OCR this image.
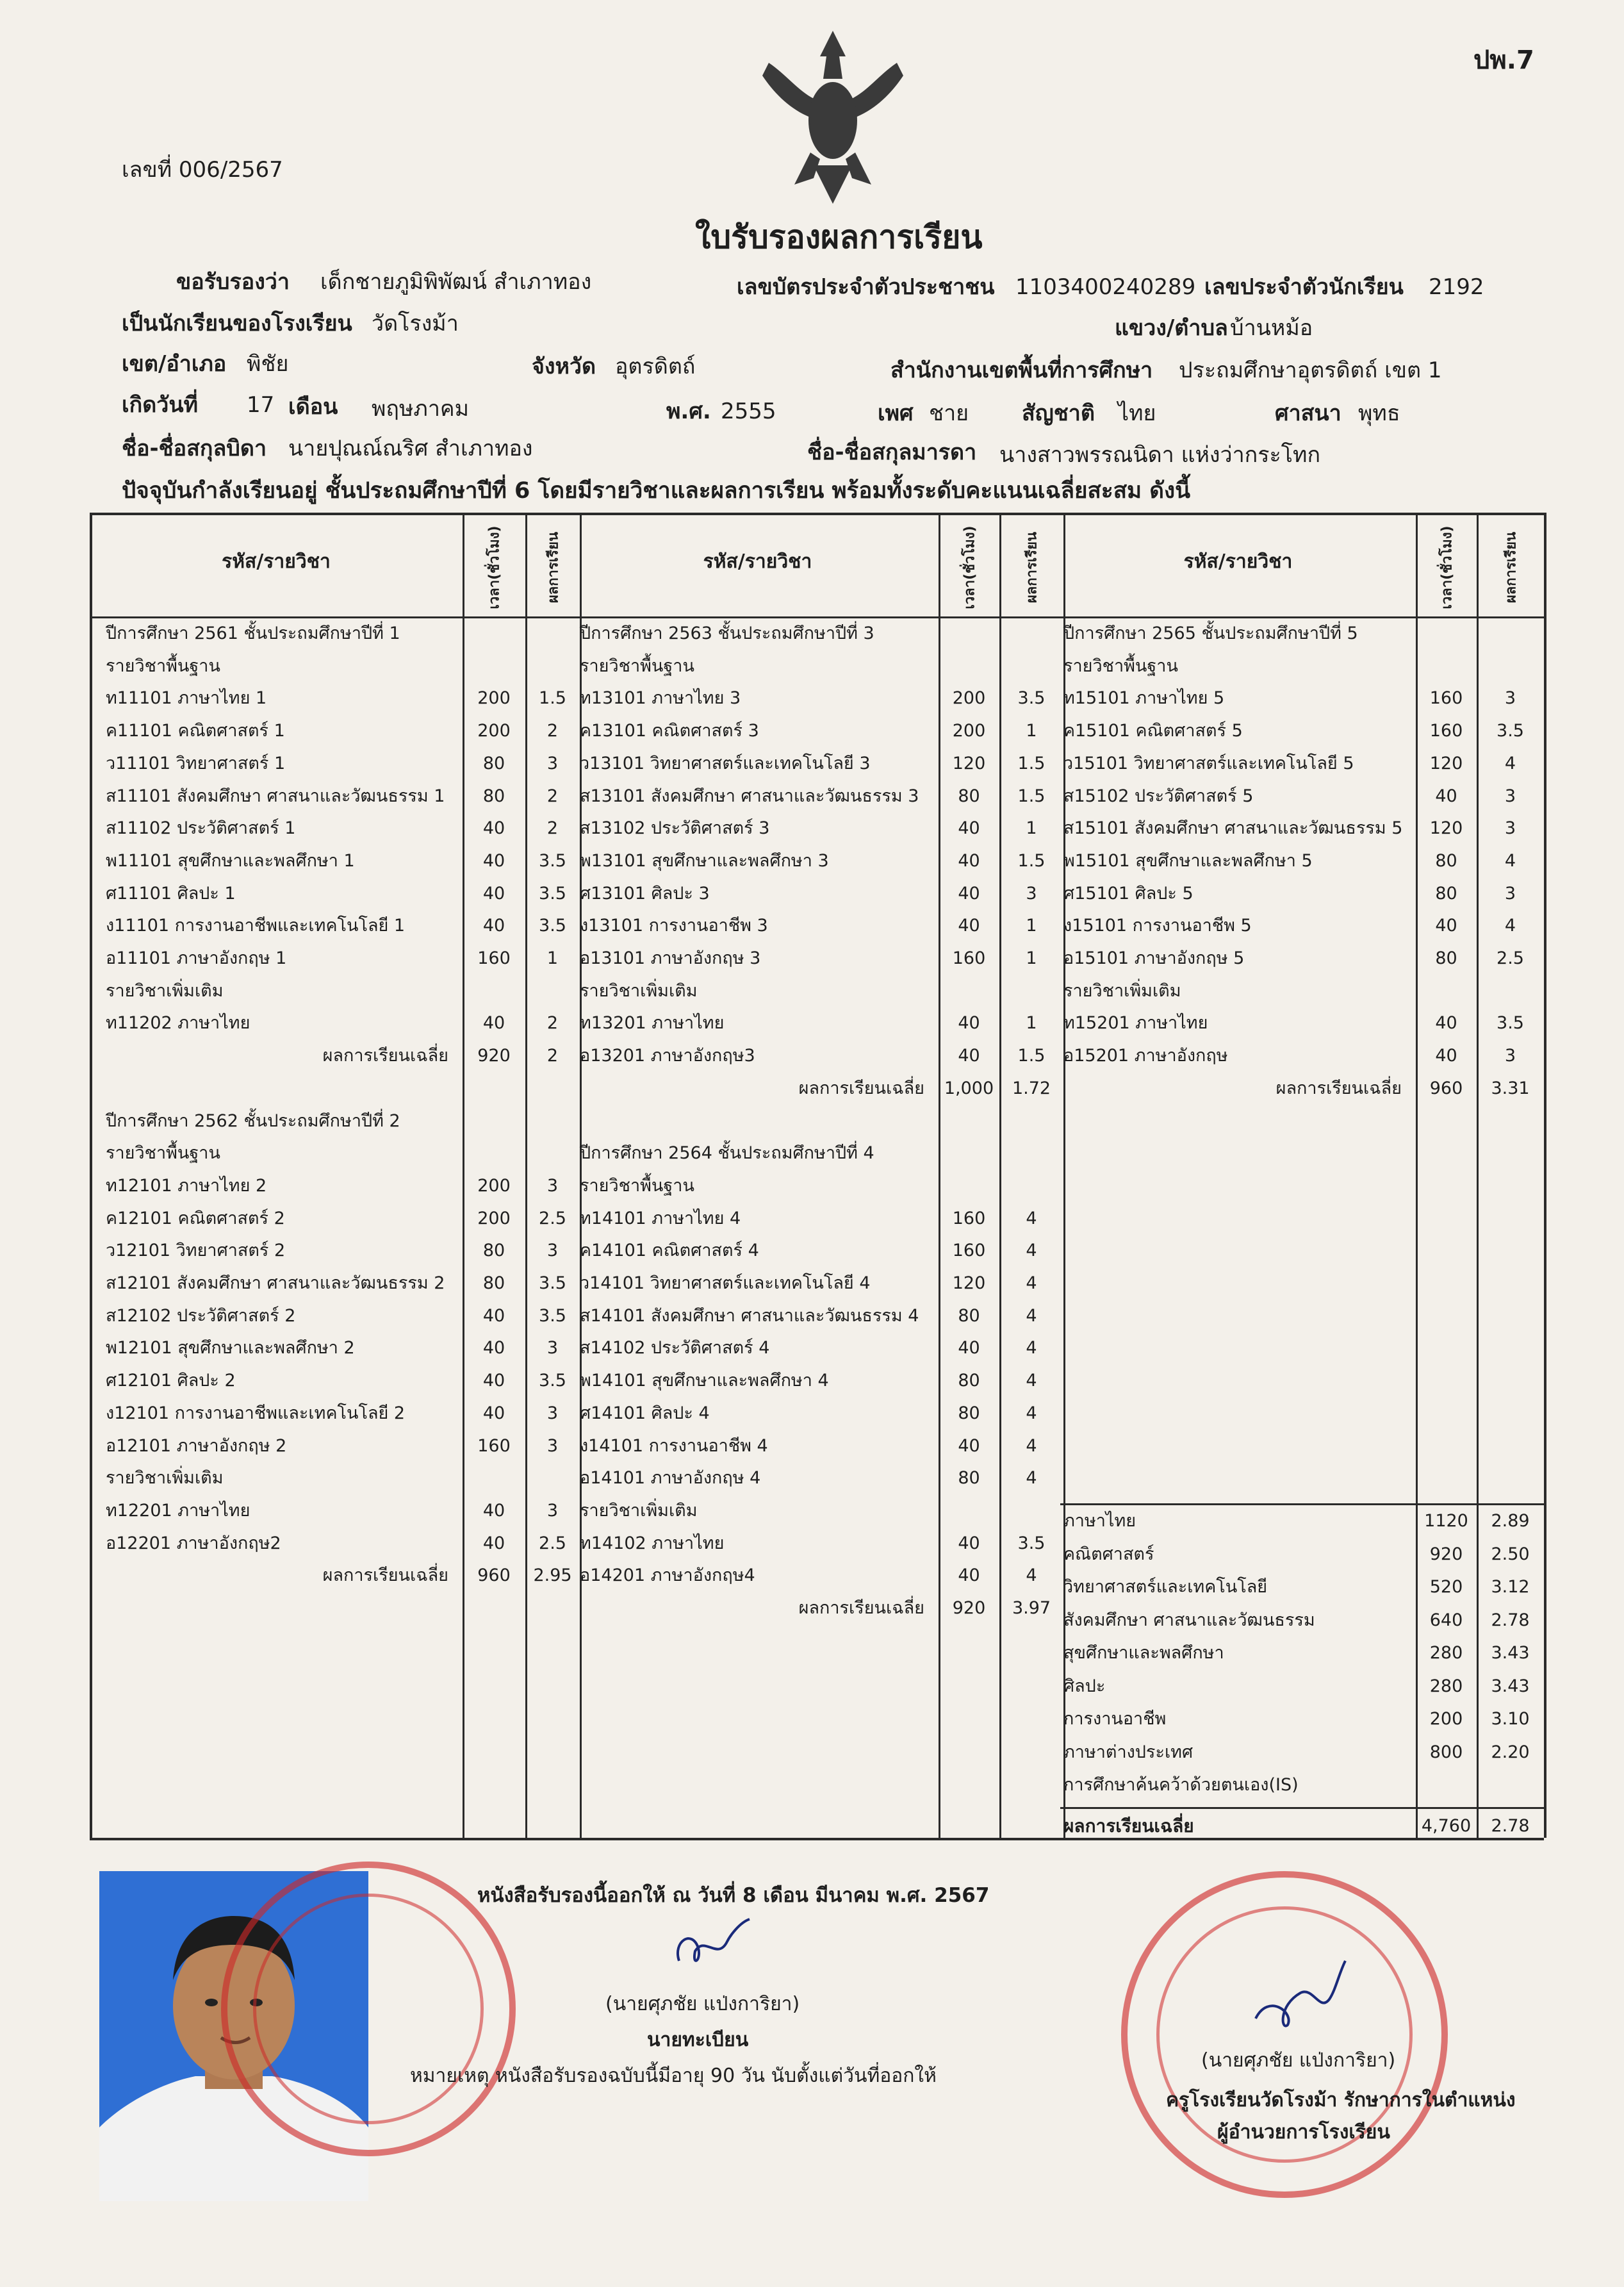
ปพ.7
เลขที่ 006/2567
ใบรับรองผลการเรียน
ขอรับรองว่า เด็กชายภูมิพิพัฒน์ สำเภาทอง	เลขบัตรประจำตัวประชาชน 1103400240289 เลขประจำตัวนักเรียน 2192
เป็นนักเรียนของโรงเรียน วัดโรงม้า	แขวง/ตำบล บ้านหม้อ
เขต/อำเภอ พิชัย	จังหวัด อุตรดิตถ์	สำนักงานเขตพื้นที่การศึกษา ประถมศึกษาอุตรดิตถ์ เขต 1
เกิดวันที่ 17 เดือน พฤษภาคม	พ.ศ. 2555	เพศ ชาย สัญชาติ ไทย	ศาสนา พุทธ
ชื่อ-ชื่อสกุลบิดา นายปุณณ์ณริศ สำเภาทอง	ชื่อ-ชื่อสกุลมารดา นางสาวพรรณนิดา แห่งว่ากระโทก
ปัจจุบันกำลังเรียนอยู่ ชั้นประถมศึกษาปีที่ 6 โดยมีรายวิชาและผลการเรียน พร้อมทั้งระดับคะแนนเฉลี่ยสะสม ดังนี้
รหัส/รายวิชา	เวลา(ชั่วโมง)	ผลการเรียน	รหัส/รายวิชา	เวลา(ชั่วโมง)	ผลการเรียน	รหัส/รายวิชา	เวลา(ชั่วโมง)	ผลการเรียน
ปีการศึกษา 2561 ชั้นประถมศึกษาปีที่ 1
รายวิชาพื้นฐาน
ท11101 ภาษาไทย 1	200	1.5
ค11101 คณิตศาสตร์ 1	200	2
ว11101 วิทยาศาสตร์ 1	80	3
ส11101 สังคมศึกษา ศาสนาและวัฒนธรรม 1	80	2
ส11102 ประวัติศาสตร์ 1	40	2
พ11101 สุขศึกษาและพลศึกษา 1	40	3.5
ศ11101 ศิลปะ 1	40	3.5
ง11101 การงานอาชีพและเทคโนโลยี 1	40	3.5
อ11101 ภาษาอังกฤษ 1	160	1
รายวิชาเพิ่มเติม
ท11202 ภาษาไทย	40	2
ผลการเรียนเฉลี่ย	920	2
ปีการศึกษา 2562 ชั้นประถมศึกษาปีที่ 2
รายวิชาพื้นฐาน
ท12101 ภาษาไทย 2	200	3
ค12101 คณิตศาสตร์ 2	200	2.5
ว12101 วิทยาศาสตร์ 2	80	3
ส12101 สังคมศึกษา ศาสนาและวัฒนธรรม 2	80	3.5
ส12102 ประวัติศาสตร์ 2	40	3.5
พ12101 สุขศึกษาและพลศึกษา 2	40	3
ศ12101 ศิลปะ 2	40	3.5
ง12101 การงานอาชีพและเทคโนโลยี 2	40	3
อ12101 ภาษาอังกฤษ 2	160	3
รายวิชาเพิ่มเติม
ท12201 ภาษาไทย	40	3
อ12201 ภาษาอังกฤษ2	40	2.5
ผลการเรียนเฉลี่ย	960	2.95
ปีการศึกษา 2563 ชั้นประถมศึกษาปีที่ 3
รายวิชาพื้นฐาน
ท13101 ภาษาไทย 3	200	3.5
ค13101 คณิตศาสตร์ 3	200	1
ว13101 วิทยาศาสตร์และเทคโนโลยี 3	120	1.5
ส13101 สังคมศึกษา ศาสนาและวัฒนธรรม 3	80	1.5
ส13102 ประวัติศาสตร์ 3	40	1
พ13101 สุขศึกษาและพลศึกษา 3	40	1.5
ศ13101 ศิลปะ 3	40	3
ง13101 การงานอาชีพ 3	40	1
อ13101 ภาษาอังกฤษ 3	160	1
รายวิชาเพิ่มเติม
ท13201 ภาษาไทย	40	1
อ13201 ภาษาอังกฤษ3	40	1.5
ผลการเรียนเฉลี่ย	1,000	1.72
ปีการศึกษา 2564 ชั้นประถมศึกษาปีที่ 4
รายวิชาพื้นฐาน
ท14101 ภาษาไทย 4	160	4
ค14101 คณิตศาสตร์ 4	160	4
ว14101 วิทยาศาสตร์และเทคโนโลยี 4	120	4
ส14101 สังคมศึกษา ศาสนาและวัฒนธรรม 4	80	4
ส14102 ประวัติศาสตร์ 4	40	4
พ14101 สุขศึกษาและพลศึกษา 4	80	4
ศ14101 ศิลปะ 4	80	4
ง14101 การงานอาชีพ 4	40	4
อ14101 ภาษาอังกฤษ 4	80	4
รายวิชาเพิ่มเติม
ท14102 ภาษาไทย	40	3.5
อ14201 ภาษาอังกฤษ4	40	4
ผลการเรียนเฉลี่ย	920	3.97
ปีการศึกษา 2565 ชั้นประถมศึกษาปีที่ 5
รายวิชาพื้นฐาน
ท15101 ภาษาไทย 5	160	3
ค15101 คณิตศาสตร์ 5	160	3.5
ว15101 วิทยาศาสตร์และเทคโนโลยี 5	120	4
ส15102 ประวัติศาสตร์ 5	40	3
ส15101 สังคมศึกษา ศาสนาและวัฒนธรรม 5	120	3
พ15101 สุขศึกษาและพลศึกษา 5	80	4
ศ15101 ศิลปะ 5	80	3
ง15101 การงานอาชีพ 5	40	4
อ15101 ภาษาอังกฤษ 5	80	2.5
รายวิชาเพิ่มเติม
ท15201 ภาษาไทย	40	3.5
อ15201 ภาษาอังกฤษ	40	3
ผลการเรียนเฉลี่ย	960	3.31
ภาษาไทย	1120	2.89
คณิตศาสตร์	920	2.50
วิทยาศาสตร์และเทคโนโลยี	520	3.12
สังคมศึกษา ศาสนาและวัฒนธรรม	640	2.78
สุขศึกษาและพลศึกษา	280	3.43
ศิลปะ	280	3.43
การงานอาชีพ	200	3.10
ภาษาต่างประเทศ	800	2.20
การศึกษาค้นคว้าด้วยตนเอง(IS)
ผลการเรียนเฉลี่ย	4,760	2.78
หนังสือรับรองนี้ออกให้ ณ วันที่ 8 เดือน มีนาคม พ.ศ. 2567
(นายศุภชัย แป่งการิยา)
นายทะเบียน
หมายเหตุ หนังสือรับรองฉบับนี้มีอายุ 90 วัน นับตั้งแต่วันที่ออกให้
(นายศุภชัย แป่งการิยา)
ครูโรงเรียนวัดโรงม้า รักษาการในตำแหน่ง
ผู้อำนวยการโรงเรียน
